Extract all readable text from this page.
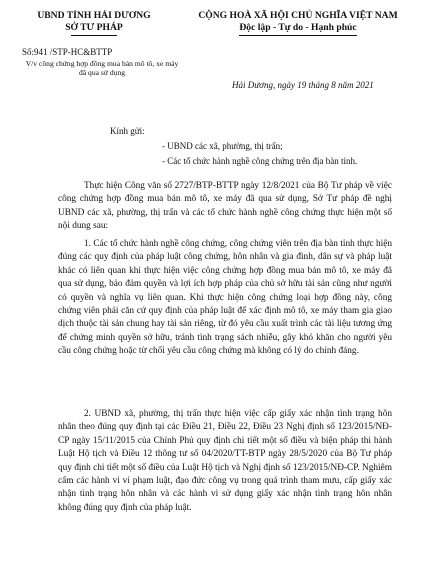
UBND TỈNH HẢI DƯƠNG
SỞ TƯ PHÁP
CỘNG HOÀ XÃ HỘI CHỦ NGHĨA VIỆT NAM
Độc lập - Tự do - Hạnh phúc
Số:941 /STP-HC&BTTP
V/v công chứng hợp đồng mua bán mô tô, xe máy đã qua sử dụng
Hải Dương, ngày 19 tháng 8 năm 2021
Kính gửi:
- UBND các xã, phường, thị trấn;
- Các tổ chức hành nghề công chứng trên địa bàn tỉnh.

Thực hiện Công văn số 2727/BTP-BTTP ngày 12/8/2021 của Bộ Tư pháp về việc công chứng hợp đồng mua bán mô tô, xe máy đã qua sử dụng, Sở Tư pháp đề nghị UBND các xã, phường, thị trấn và các tổ chức hành nghề công chứng thực hiện một số nội dung sau:

1. Các tổ chức hành nghề công chứng, công chứng viên trên địa bàn tỉnh thực hiện đúng các quy định của pháp luật công chứng, hôn nhân và gia đình, dân sự và pháp luật khác có liên quan khi thực hiện việc công chứng hợp đồng mua bán mô tô, xe máy đã qua sử dụng, bảo đảm quyền và lợi ích hợp pháp của chủ sở hữu tài sản cũng như người có quyền và nghĩa vụ liên quan. Khi thực hiện công chứng loại hợp đồng này, công chứng viên phải căn cứ quy định của pháp luật để xác định mô tô, xe máy tham gia giao dịch thuộc tài sản chung hay tài sản riêng, từ đó yêu cầu xuất trình các tài liệu tương ứng để chứng minh quyền sở hữu, tránh tình trạng sách nhiễu, gây khó khăn cho người yêu cầu công chứng hoặc từ chối yêu cầu công chứng mà không có lý do chính đáng.

2. UBND xã, phường, thị trấn thực hiện việc cấp giấy xác nhận tình trạng hôn nhân theo đúng quy định tại các Điều 21, Điều 22, Điều 23 Nghị định số 123/2015/NĐ-CP ngày 15/11/2015 của Chính Phủ quy định chi tiết một số điều và biện pháp thi hành Luật Hộ tịch và Điều 12 thông tư số 04/2020/TT-BTP ngày 28/5/2020 của Bộ Tư pháp quy định chi tiết một số điều của Luật Hộ tịch và Nghị định số 123/2015/NĐ-CP. Nghiêm cấm các hành vi vi phạm luật, đạo đức công vụ trong quá trình tham mưu, cấp giấy xác nhận tình trạng hôn nhân và các hành vi sử dụng giấy xác nhận tình trạng hôn nhân không đúng quy định của pháp luật.
